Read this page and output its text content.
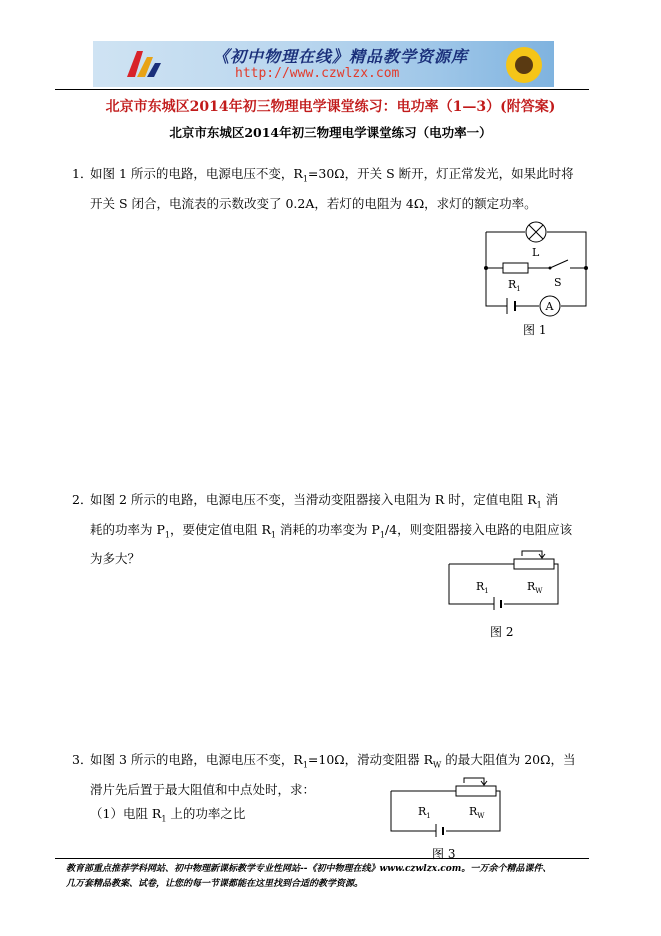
《初中物理在线》精品教学资源库
http://www.czwlzx.com
北京市东城区2014年初三物理电学课堂练习：电功率（1—3）(附答案)
北京市东城区2014年初三物理电学课堂练习（电功率一）
1．
如图 1 所示的电路，电源电压不变，$R_1=30\Omega$，开关 S 断开，灯正常发光，如果此时将
开关 S 闭合，电流表的示数改变了 0.2A，若灯的电阻为 4Ω，求灯的额定功率。
L
$R_1$	S
A
图 1
2．
如图 2 所示的电路，电源电压不变，当滑动变阻器接入电阻为 R 时，定值电阻 $R_1$ 消
耗的功率为 $P_1$，要使定值电阻 $R_1$ 消耗的功率变为 $P_1/4$，则变阻器接入电路的电阻应该
为多大？
$R_1$	$R_W$
图 2
3．
如图 3 所示的电路，电源电压不变，$R_1=10\Omega$，滑动变阻器 $R_W$ 的最大阻值为 20Ω，当
滑片先后置于最大阻值和中点处时，求：
（1）电阻 $R_1$ 上的功率之比	$R_1$	$R_W$
图 3
教育部重点推荐学科网站、初中物理新课标教学专业性网站--《初中物理在线》www.czwlzx.com。一万余个精品课件、
几万套精品教案、试卷，让您的每一节课都能在这里找到合适的教学资源。
